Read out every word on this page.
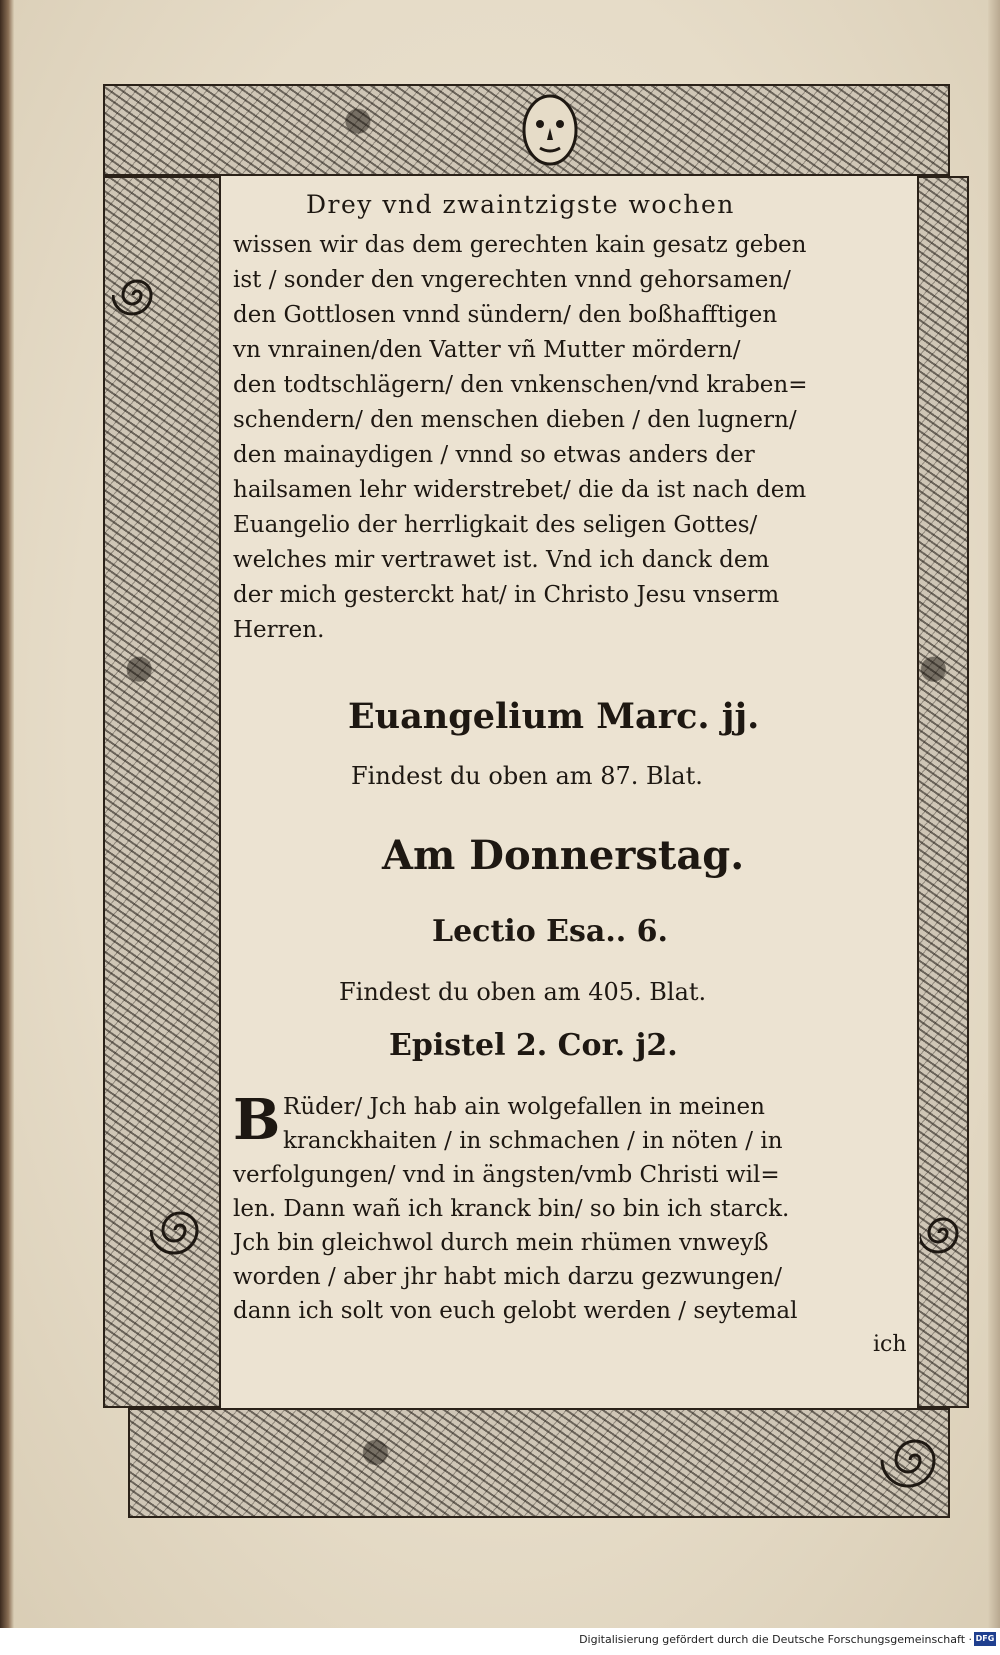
Drey vnd zwaintzigste wochen
wissen wir das dem gerechten kain gesatz geben
ist / sonder den vngerechten vnnd gehorsamen/
den Gottlosen vnnd sündern/ den boßhafftigen
vn vnrainen/den Vatter vñ Mutter mördern/
den todtschlägern/ den vnkenschen/vnd kraben=
schendern/ den menschen dieben / den lugnern/
den mainaydigen / vnnd so etwas anders der
hailsamen lehr widerstrebet/ die da ist nach dem
Euangelio der herrligkait des seligen Gottes/
welches mir vertrawet ist. Vnd ich danck dem
der mich gesterckt hat/ in Christo Jesu vnserm
Herren.
Euangelium Marc. jj.
Findest du oben am 87. Blat.
Am Donnerstag.
Lectio Esa.. 6.
Findest du oben am 405. Blat.
Epistel 2. Cor. j2.
B Rüder/ Jch hab ain wolgefallen in meinen
kranckhaiten / in schmachen / in nöten / in
verfolgungen/ vnd in ängsten/vmb Christi wil=
len. Dann wañ ich kranck bin/ so bin ich starck.
Jch bin gleichwol durch mein rhümen vnweyß
worden / aber jhr habt mich darzu gezwungen/
dann ich solt von euch gelobt werden / seytemal
ich
Digitalisierung gefördert durch die Deutsche Forschungsgemeinschaft · DFG
